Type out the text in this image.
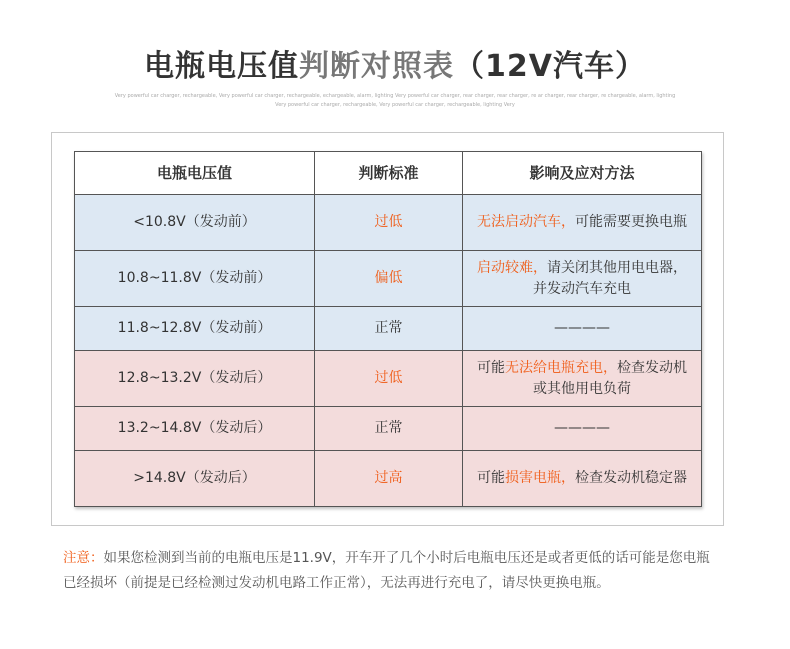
电瓶电压值判断对照表（12V汽车）
Very powerful car charger, rechargeable, Very powerful car charger, rechargeable, echargeable, alarm, lighting Very powerful car charger, rear charger, rear charger, re ar charger, rear charger, re chargeable, alarm, lighting
Very powerful car charger, rechargeable, Very powerful car charger, rechargeable, lighting Very
电瓶电压值	判断标准	影响及应对方法
<10.8V（发动前）	过低	无法启动汽车，可能需要更换电瓶
10.8~11.8V（发动前）	偏低	启动较难，请关闭其他用电电器，并发动汽车充电
11.8~12.8V（发动前）	正常	————
12.8~13.2V（发动后）	过低	可能无法给电瓶充电，检查发动机或其他用电负荷
13.2~14.8V（发动后）	正常	————
>14.8V（发动后）	过高	可能损害电瓶，检查发动机稳定器
注意：如果您检测到当前的电瓶电压是11.9V，开车开了几个小时后电瓶电压还是或者更低的话可能是您电瓶已经损坏（前提是已经检测过发动机电路工作正常），无法再进行充电了，请尽快更换电瓶。
